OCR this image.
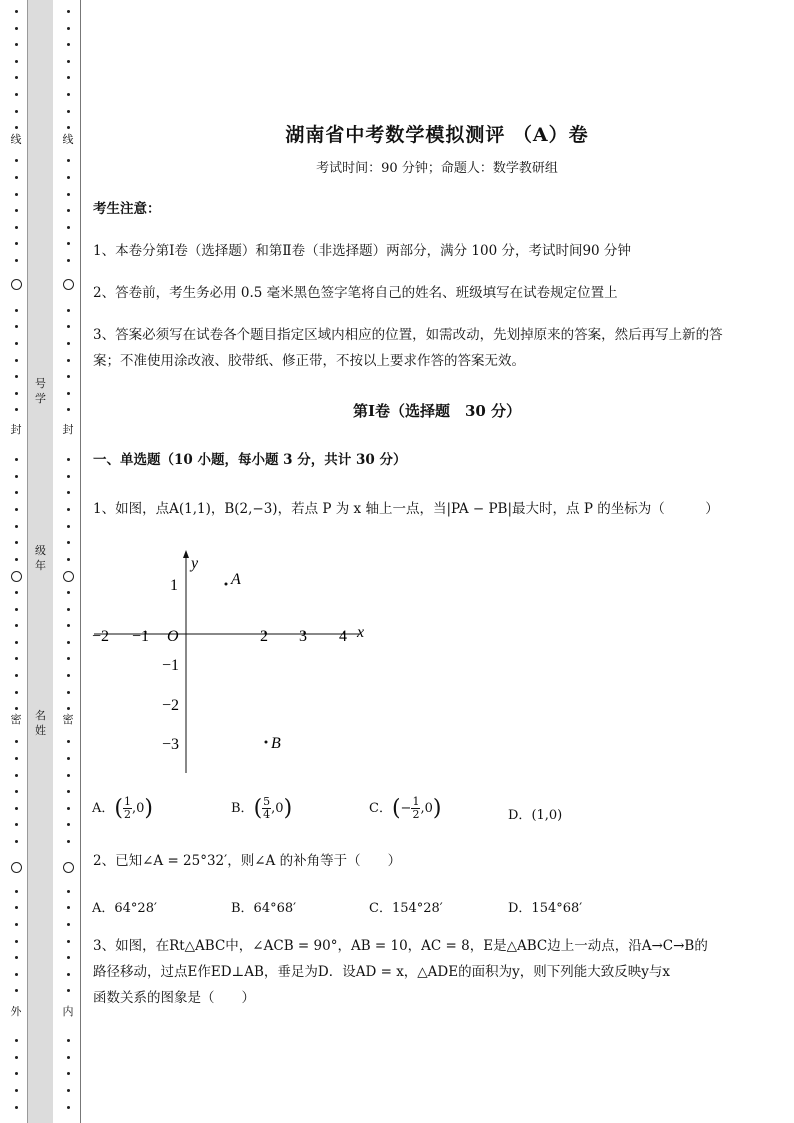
线
封
密
外
号
学
级
年
名
姓
线
封
密
内
湖南省中考数学模拟测评 （A）卷
考试时间：90 分钟；命题人：数学教研组
考生注意：
1、本卷分第Ⅰ卷（选择题）和第Ⅱ卷（非选择题）两部分，满分 100 分，考试时间90 分钟
2、答卷前，考生务必用 0.5 毫米黑色签字笔将自己的姓名、班级填写在试卷规定位置上
3、答案必须写在试卷各个题目指定区域内相应的位置，如需改动，先划掉原来的答案，然后再写上新的答案；不准使用涂改液、胶带纸、修正带，不按以上要求作答的答案无效。
第Ⅰ卷（选择题　30 分）
一、单选题（10 小题，每小题 3 分，共计 30 分）
1、如图，点A(1,1)，B(2,−3)，若点 P 为 x 轴上一点，当|PA − PB|最大时，点 P 的坐标为（　　　）
−2 −1 O	2 3 4 x
1
−1
−2
−3
y
A
B
A．( $\frac{1}{2} ,0$)	B．( $\frac{5}{4} ,0$)	C．(− $\frac{1}{2} ,0$)	D．(1,0)
2、已知∠A = 25°32′，则∠A 的补角等于（　　）
A．64°28′	B．64°68′	C．154°28′	D．154°68′
3、如图，在Rt△ABC中，∠ACB = 90°，AB = 10，AC = 8，E是△ABC边上一动点，沿A→C→B的
路径移动，过点E作ED⊥AB，垂足为D．设AD = x，△ADE的面积为y，则下列能大致反映y与x
函数关系的图象是（　　）
